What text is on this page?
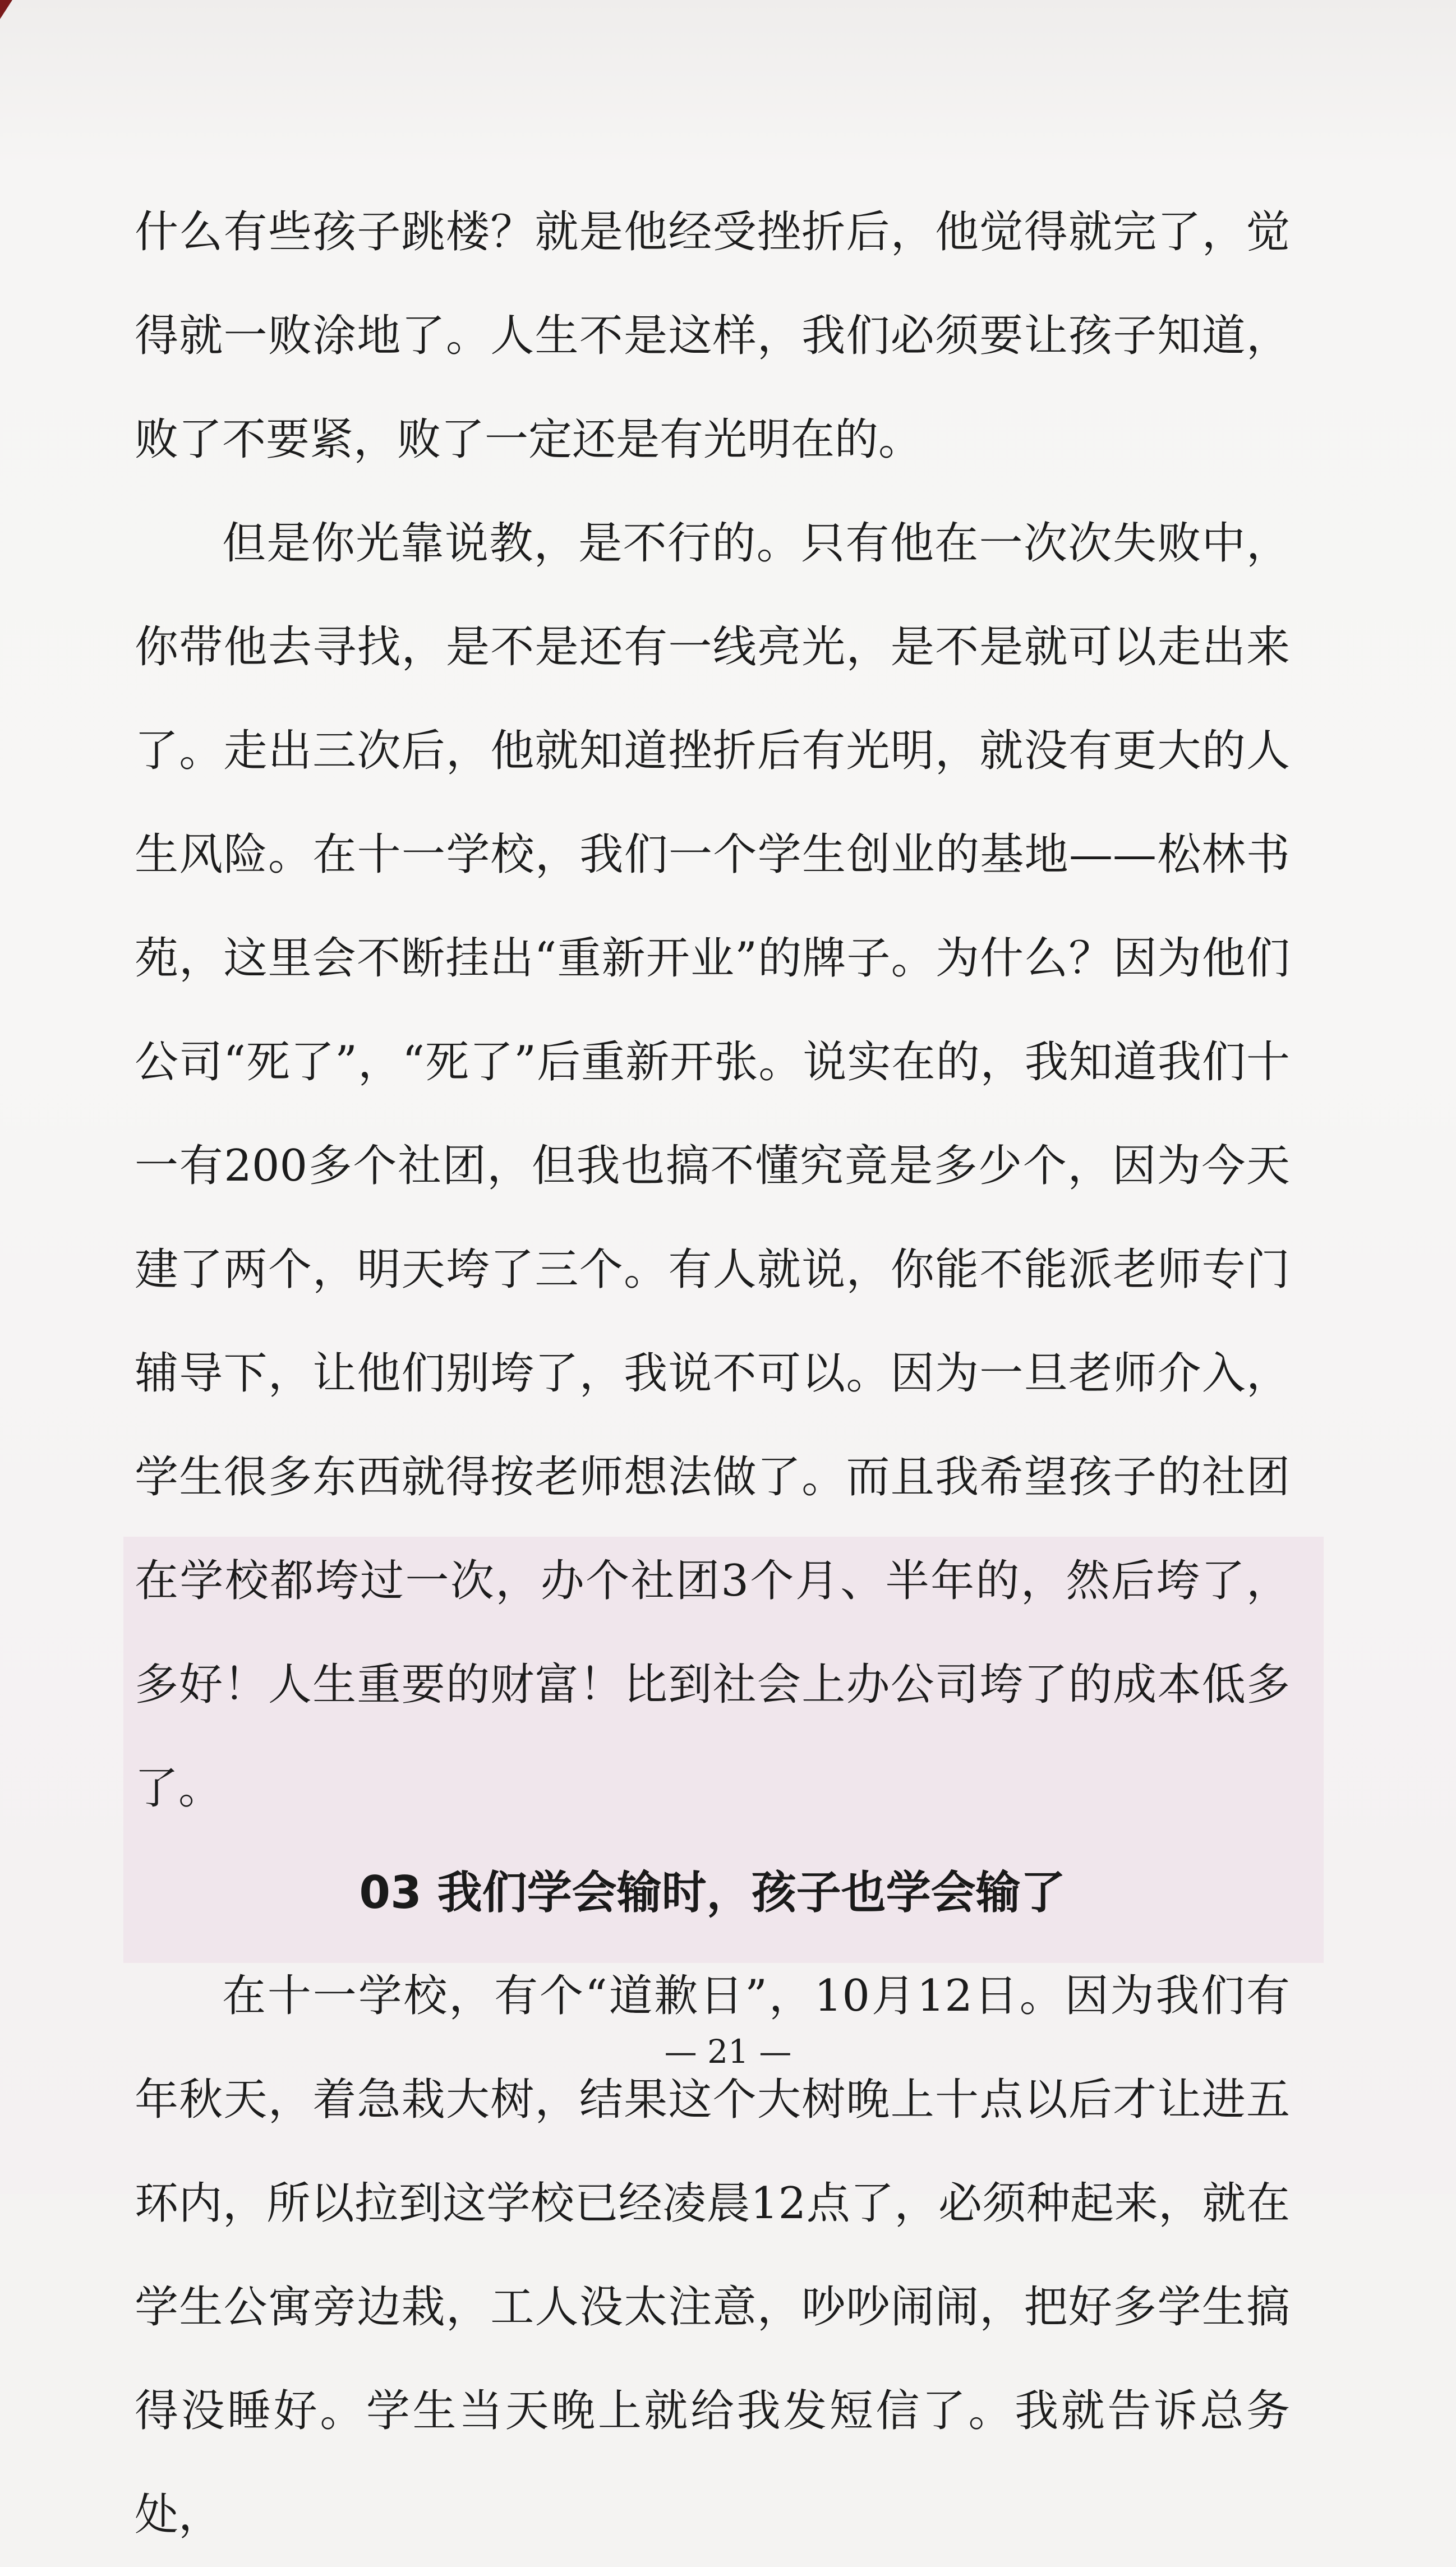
什么有些孩子跳楼？就是他经受挫折后，他觉得就完了，觉得就一败涂地了。人生不是这样，我们必须要让孩子知道，败了不要紧，败了一定还是有光明在的。

但是你光靠说教，是不行的。只有他在一次次失败中，你带他去寻找，是不是还有一线亮光，是不是就可以走出来了。走出三次后，他就知道挫折后有光明，就没有更大的人生风险。在十一学校，我们一个学生创业的基地——松林书苑，这里会不断挂出“重新开业”的牌子。为什么？因为他们公司“死了”，“死了”后重新开张。说实在的，我知道我们十一有200多个社团，但我也搞不懂究竟是多少个，因为今天建了两个，明天垮了三个。有人就说，你能不能派老师专门辅导下，让他们别垮了，我说不可以。因为一旦老师介入，学生很多东西就得按老师想法做了。而且我希望孩子的社团在学校都垮过一次，办个社团3个月、半年的，然后垮了，多好！人生重要的财富！比到社会上办公司垮了的成本低多了。

03 我们学会输时，孩子也学会输了

在十一学校，有个“道歉日”，10月12日。因为我们有年秋天，着急栽大树，结果这个大树晚上十点以后才让进五环内，所以拉到这学校已经凌晨12点了，必须种起来，就在学生公寓旁边栽，工人没太注意，吵吵闹闹，把好多学生搞得没睡好。学生当天晚上就给我发短信了。我就告诉总务处，

— 21 —
